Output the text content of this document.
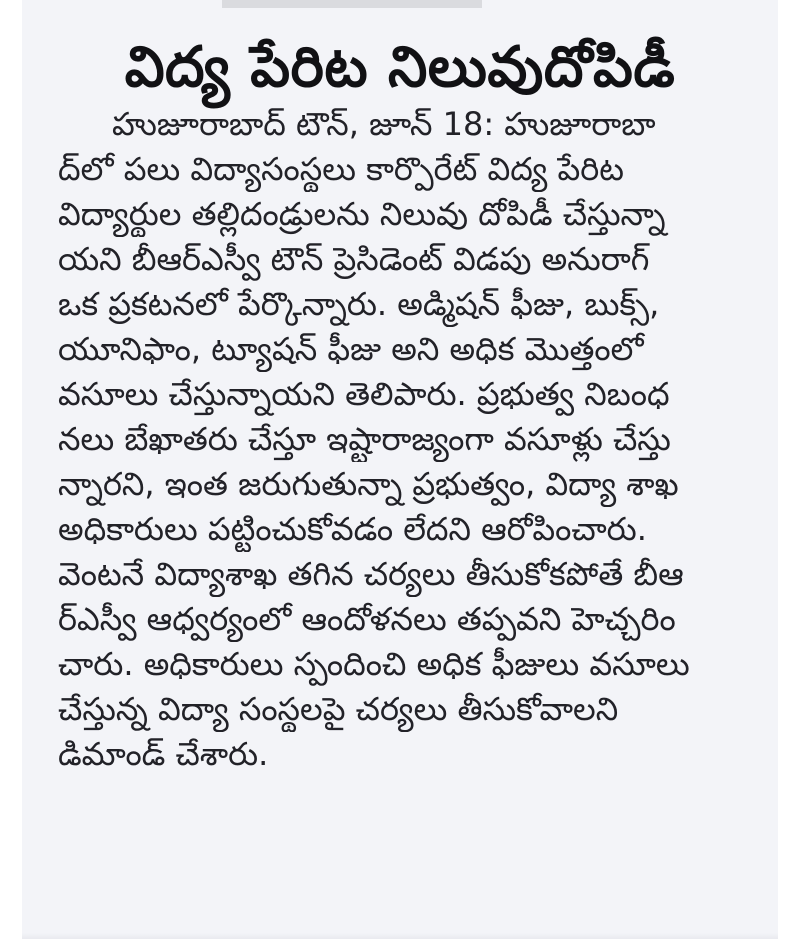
విద్య పేరిట నిలువుదోపిడీ
హుజూరాబాద్ టౌన్, జూన్ 18: హుజూరాబా
ద్‌లో పలు విద్యాసంస్థలు కార్పొరేట్ విద్య పేరిట
విద్యార్థుల తల్లిదండ్రులను నిలువు దోపిడీ చేస్తున్నా
యని బీఆర్‌ఎస్వీ టౌన్ ప్రెసిడెంట్ విడపు అనురాగ్
ఒక ప్రకటనలో పేర్కొన్నారు. అడ్మిషన్ ఫీజు, బుక్స్,
యూనిఫాం, ట్యూషన్ ఫీజు అని అధిక మొత్తంలో
వసూలు చేస్తున్నాయని తెలిపారు. ప్రభుత్వ నిబంధ
నలు బేఖాతరు చేస్తూ ఇష్టారాజ్యంగా వసూళ్లు చేస్తు
న్నారని, ఇంత జరుగుతున్నా ప్రభుత్వం, విద్యా శాఖ
అధికారులు పట్టించుకోవడం లేదని ఆరోపించారు.
వెంటనే విద్యాశాఖ తగిన చర్యలు తీసుకోకపోతే బీఆ
ర్‌ఎస్వీ ఆధ్వర్యంలో ఆందోళనలు తప్పవని హెచ్చరిం
చారు. అధికారులు స్పందించి అధిక ఫీజులు వసూలు
చేస్తున్న విద్యా సంస్థలపై చర్యలు తీసుకోవాలని
డిమాండ్ చేశారు.
